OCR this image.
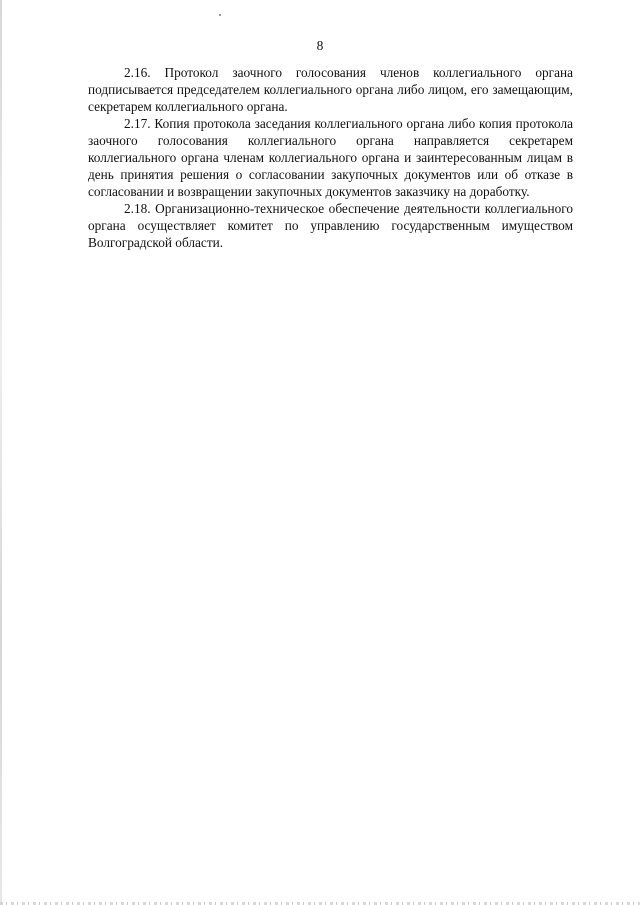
8

2.16. Протокол заочного голосования членов коллегиального органа подписывается председателем коллегиального органа либо лицом, его замещающим, секретарем коллегиального органа.

2.17. Копия протокола заседания коллегиального органа либо копия протокола заочного голосования коллегиального органа направляется секретарем коллегиального органа членам коллегиального органа и заинтересованным лицам в день принятия решения о согласовании закупочных документов или об отказе в согласовании и возвращении закупочных документов заказчику на доработку.

2.18. Организационно-техническое обеспечение деятельности коллегиального органа осуществляет комитет по управлению государственным имуществом Волгоградской области.
